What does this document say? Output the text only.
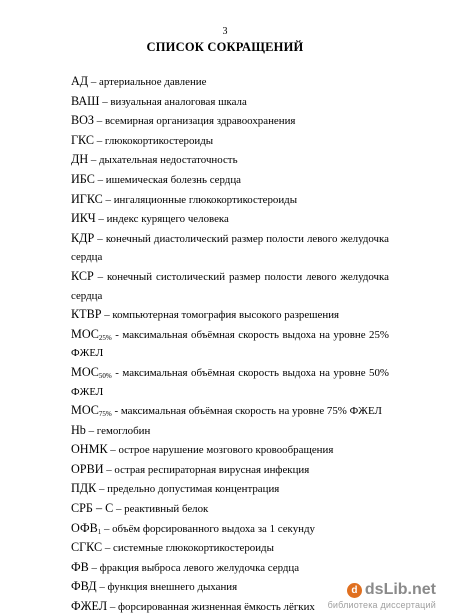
3
СПИСОК СОКРАЩЕНИЙ
АД – артериальное давление
ВАШ – визуальная аналоговая шкала
ВОЗ – всемирная организация здравоохранения
ГКС – глюкокортикостероиды
ДН – дыхательная недостаточность
ИБС – ишемическая болезнь сердца
ИГКС – ингаляционные глюкокортикостероиды
ИКЧ – индекс курящего человека
КДР – конечный диастолический размер полости левого желудочка сердца
КСР – конечный систолический размер полости левого желудочка сердца
КТВР – компьютерная томография высокого разрешения
$МОС_{25\%}$ - максимальная объёмная скорость выдоха на уровне 25% ФЖЕЛ
$МОС_{50\%}$ - максимальная объёмная скорость выдоха на уровне 50% ФЖЕЛ
$МОС_{75\%}$ - максимальная объёмная скорость на уровне 75% ФЖЕЛ
Hb – гемоглобин
ОНМК – острое нарушение мозгового кровообращения
ОРВИ – острая респираторная вирусная инфекция
ПДК – предельно допустимая концентрация
СРБ – С – реактивный белок
$ОФВ_1$ – объём форсированного выдоха за 1 секунду
СГКС – системные глюкокортикостероиды
ФВ – фракция выброса левого желудочка сердца
ФВД – функция внешнего дыхания
ФЖЕЛ – форсированная жизненная ёмкость лёгких
d dsLib.net
библиотека диссертаций
